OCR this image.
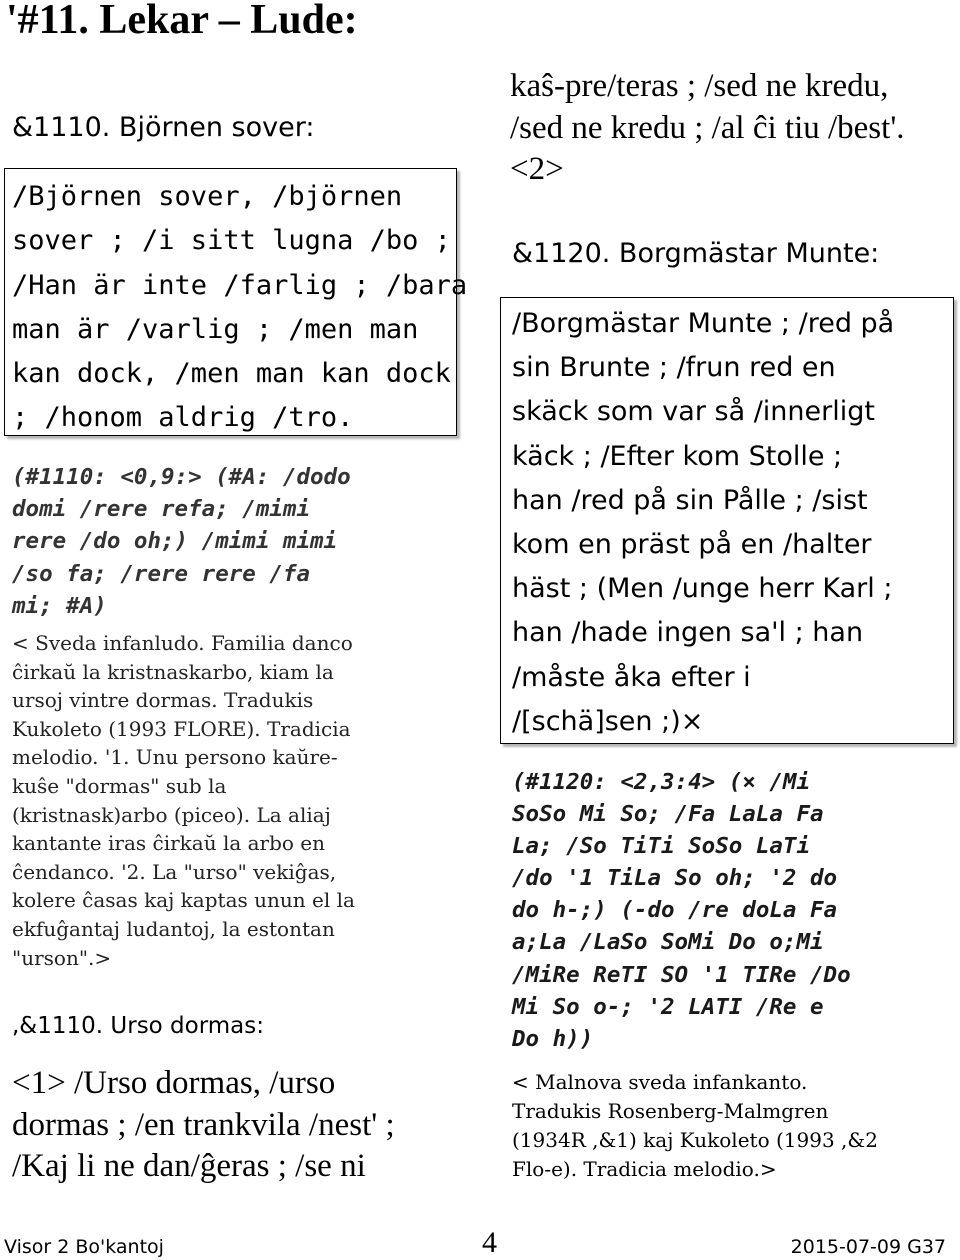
'#11. Lekar – Lude:
&1110. Björnen sover:
/Björnen sover, /björnen
sover ; /i sitt lugna /bo ;
/Han är inte /farlig ; /bara
man är /varlig ; /men man
kan dock, /men man kan dock
; /honom aldrig /tro.
(#1110: <0,9:> (#A: /dodo
domi /rere refa; /mimi
rere /do oh;) /mimi mimi
/so fa; /rere rere /fa
mi; #A)
< Sveda infanludo. Familia danco
ĉirkaŭ la kristnaskarbo, kiam la
ursoj vintre dormas. Tradukis
Kukoleto (1993 FLORE). Tradicia
melodio. '1. Unu persono kaŭre-
kuŝe "dormas" sub la
(kristnask)arbo (piceo). La aliaj
kantante iras ĉirkaŭ la arbo en
ĉendanco. '2. La "urso" vekiĝas,
kolere ĉasas kaj kaptas unun el la
ekfuĝantaj ludantoj, la estontan
"urson".>
,&1110. Urso dormas:
<1> /Urso dormas, /urso
dormas ; /en trankvila /nest' ;
/Kaj li ne dan/ĝeras ; /se ni
kaŝ-pre/teras ; /sed ne kredu,
/sed ne kredu ; /al ĉi tiu /best'.
<2>
&1120. Borgmästar Munte:
/Borgmästar Munte ; /red på
sin Brunte ; /frun red en
skäck som var så /innerligt
käck ; /Efter kom Stolle ;
han /red på sin Pålle ; /sist
kom en präst på en /halter
häst ; (Men /unge herr Karl ;
han /hade ingen sa'l ; han
/måste åka efter i
/[schä]sen ;)×
(#1120: <2,3:4> (× /Mi
SoSo Mi So; /Fa LaLa Fa
La; /So TiTi SoSo LaTi
/do '1 TiLa So oh; '2 do
do h-;) (-do /re doLa Fa
a;La /LaSo SoMi Do o;Mi
/MiRe ReTI SO '1 TIRe /Do
Mi So o-; '2 LATI /Re e
Do h))
< Malnova sveda infankanto.
Tradukis Rosenberg-Malmgren
(1934R ,&1) kaj Kukoleto (1993 ,&2
Flo-e). Tradicia melodio.>
Visor 2 Bo'kantoj	4	2015-07-09 G37
